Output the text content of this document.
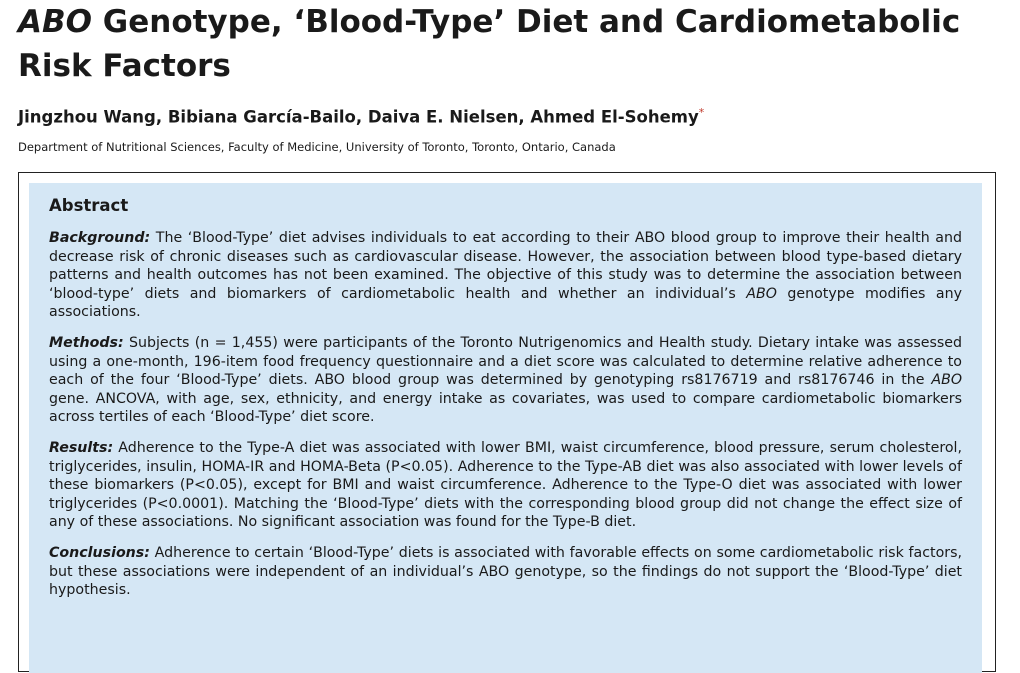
ABO Genotype, ‘Blood-Type’ Diet and Cardiometabolic Risk Factors
Jingzhou Wang, Bibiana García-Bailo, Daiva E. Nielsen, Ahmed El-Sohemy*
Department of Nutritional Sciences, Faculty of Medicine, University of Toronto, Toronto, Ontario, Canada
Abstract

Background: The ‘Blood-Type’ diet advises individuals to eat according to their ABO blood group to improve their health and decrease risk of chronic diseases such as cardiovascular disease. However, the association between blood type-based dietary patterns and health outcomes has not been examined. The objective of this study was to determine the association between ‘blood-type’ diets and biomarkers of cardiometabolic health and whether an individual’s ABO genotype modifies any associations.

Methods: Subjects (n = 1,455) were participants of the Toronto Nutrigenomics and Health study. Dietary intake was assessed using a one-month, 196-item food frequency questionnaire and a diet score was calculated to determine relative adherence to each of the four ‘Blood-Type’ diets. ABO blood group was determined by genotyping rs8176719 and rs8176746 in the ABO gene. ANCOVA, with age, sex, ethnicity, and energy intake as covariates, was used to compare cardiometabolic biomarkers across tertiles of each ‘Blood-Type’ diet score.

Results: Adherence to the Type-A diet was associated with lower BMI, waist circumference, blood pressure, serum cholesterol, triglycerides, insulin, HOMA-IR and HOMA-Beta (P<0.05). Adherence to the Type-AB diet was also associated with lower levels of these biomarkers (P<0.05), except for BMI and waist circumference. Adherence to the Type-O diet was associated with lower triglycerides (P<0.0001). Matching the ‘Blood-Type’ diets with the corresponding blood group did not change the effect size of any of these associations. No significant association was found for the Type-B diet.

Conclusions: Adherence to certain ‘Blood-Type’ diets is associated with favorable effects on some cardiometabolic risk factors, but these associations were independent of an individual’s ABO genotype, so the findings do not support the ‘Blood-Type’ diet hypothesis.
